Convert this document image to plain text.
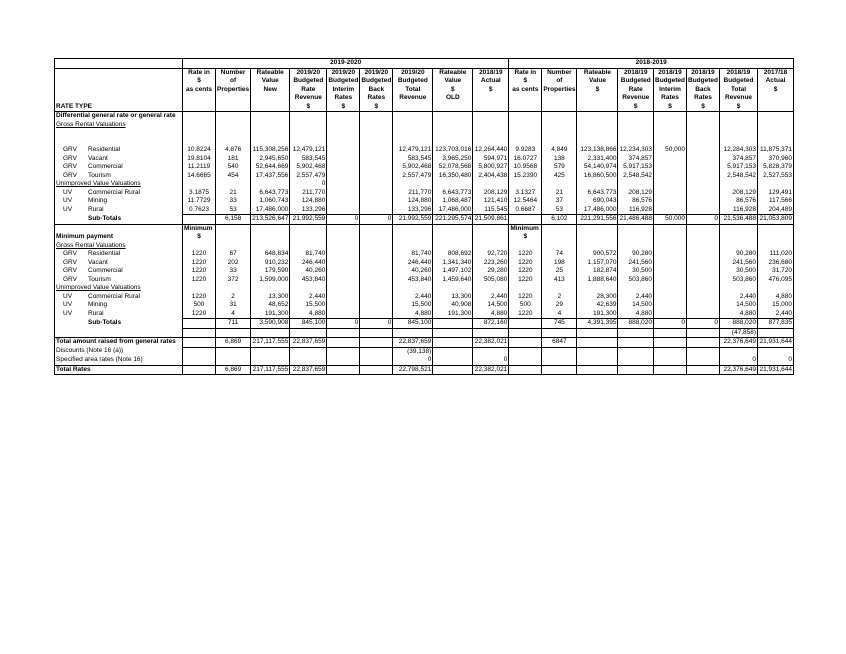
	2019-2020									2018-2019							
	Rate in	Number	Rateable	2019/20	2019/20	2019/20	2019/20	Rateable	2018/19	Rate in	Number	Rateable	2018/19	2018/19	2018/19	2018/19	2017/18
	$	of	Value	Budgeted	Budgeted	Budgeted	Budgeted	Value	Actual	$	of	Value	Budgeted	Budgeted	Budgeted	Budgeted	Actual
	as cents	Properties	New	Rate	Interim	Back	Total	$	$	as cents	Properties	$	Rate	Interim	Back	Total	$
				Revenue	Rates	Rates	Revenue	OLD					Revenue	Rates	Rates	Revenue	
RATE TYPE				$	$	$							$	$	$	$	
Differential general rate or general rate																	
Gross Rental Valuations																	

GRV Residential	10.8224	4,876	115,308,256	12,479,121			12,479,121	123,703,016	12,264,440	9.9283	4,849	123,138,866	12,234,303	50,000		12,284,303	11,875,371
GRV Vacant	19.8104	181	2,945,650	583,545			583,545	3,965,250	594,971	16.0727	138	2,331,400	374,857			374,857	370,960
GRV Commercial	11.2119	540	52,644,669	5,902,468			5,902,468	52,078,568	5,800,927	10.9568	579	54,140,974	5,917,153			5,917,153	5,828,379
GRV Tourism	14.6665	454	17,437,556	2,557,479			2,557,479	16,350,480	2,404,438	15.2390	425	16,860,500	2,548,542			2,548,542	2,527,553
Unimproved Value Valuations				0													
UV Commercial Rural	3.1875	21	6,643,773	211,770			211,770	6,643,773	208,129	3.1327	21	6,643,773	208,129			208,129	129,491
UV Mining	11.7729	33	1,060,743	124,880			124,880	1,068,487	121,410	12.5464	37	690,043	86,576			86,576	117,566
UV Rural	0.7623	53	17,486,000	133,296			133,296	17,486,000	115,545	0.6687	53	17,486,000	116,928			116,928	204,489
Sub-Totals		6,158	213,526,647	21,992,559	0	0	21,992,559	221,295,574	21,509,861		6,102	221,291,556	21,486,488	50,000	0	21,536,488	21,053,809
	Minimum									Minimum							
Minimum payment	$									$							
Gross Rental Valuations																	
GRV Residential	1220	67	648,834	81,740			81,740	808,692	92,720	1220	74	900,572	90,280			90,280	111,020
GRV Vacant	1220	202	910,232	246,440			246,440	1,341,340	223,260	1220	198	1,157,070	241,560			241,560	236,680
GRV Commercial	1220	33	179,590	40,260			40,260	1,497,102	29,280	1220	25	182,874	30,500			30,500	31,720
GRV Tourism	1220	372	1,599,000	453,840			453,840	1,459,640	505,080	1220	413	1,888,640	503,860			503,860	476,095
Unimproved Value Valuations																	
UV Commercial Rural	1220	2	13,300	2,440			2,440	13,300	2,440	1220	2	28,300	2,440			2,440	4,880
UV Mining	500	31	48,652	15,500			15,500	40,908	14,500	500	29	42,639	14,500			14,500	15,000
UV Rural	1220	4	191,300	4,880			4,880	191,300	4,880	1220	4	191,300	4,880			4,880	2,440
Sub-Totals		711	3,590,908	845,100	0	0	845,100		872,160		745	4,391,395	888,020	0	0	888,020	877,835
																(47,858)	
Total amount raised from general rates		6,869	217,117,555	22,837,659			22,837,659		22,382,021		6847					22,376,649	21,931,644
Discounts (Note 16 (a))							(39,138)										
Specified area rates (Note 16)							0		0							0	0
Total Rates		6,869	217,117,555	22,837,659			22,798,521		22,382,021							22,376,649	21,931,644
